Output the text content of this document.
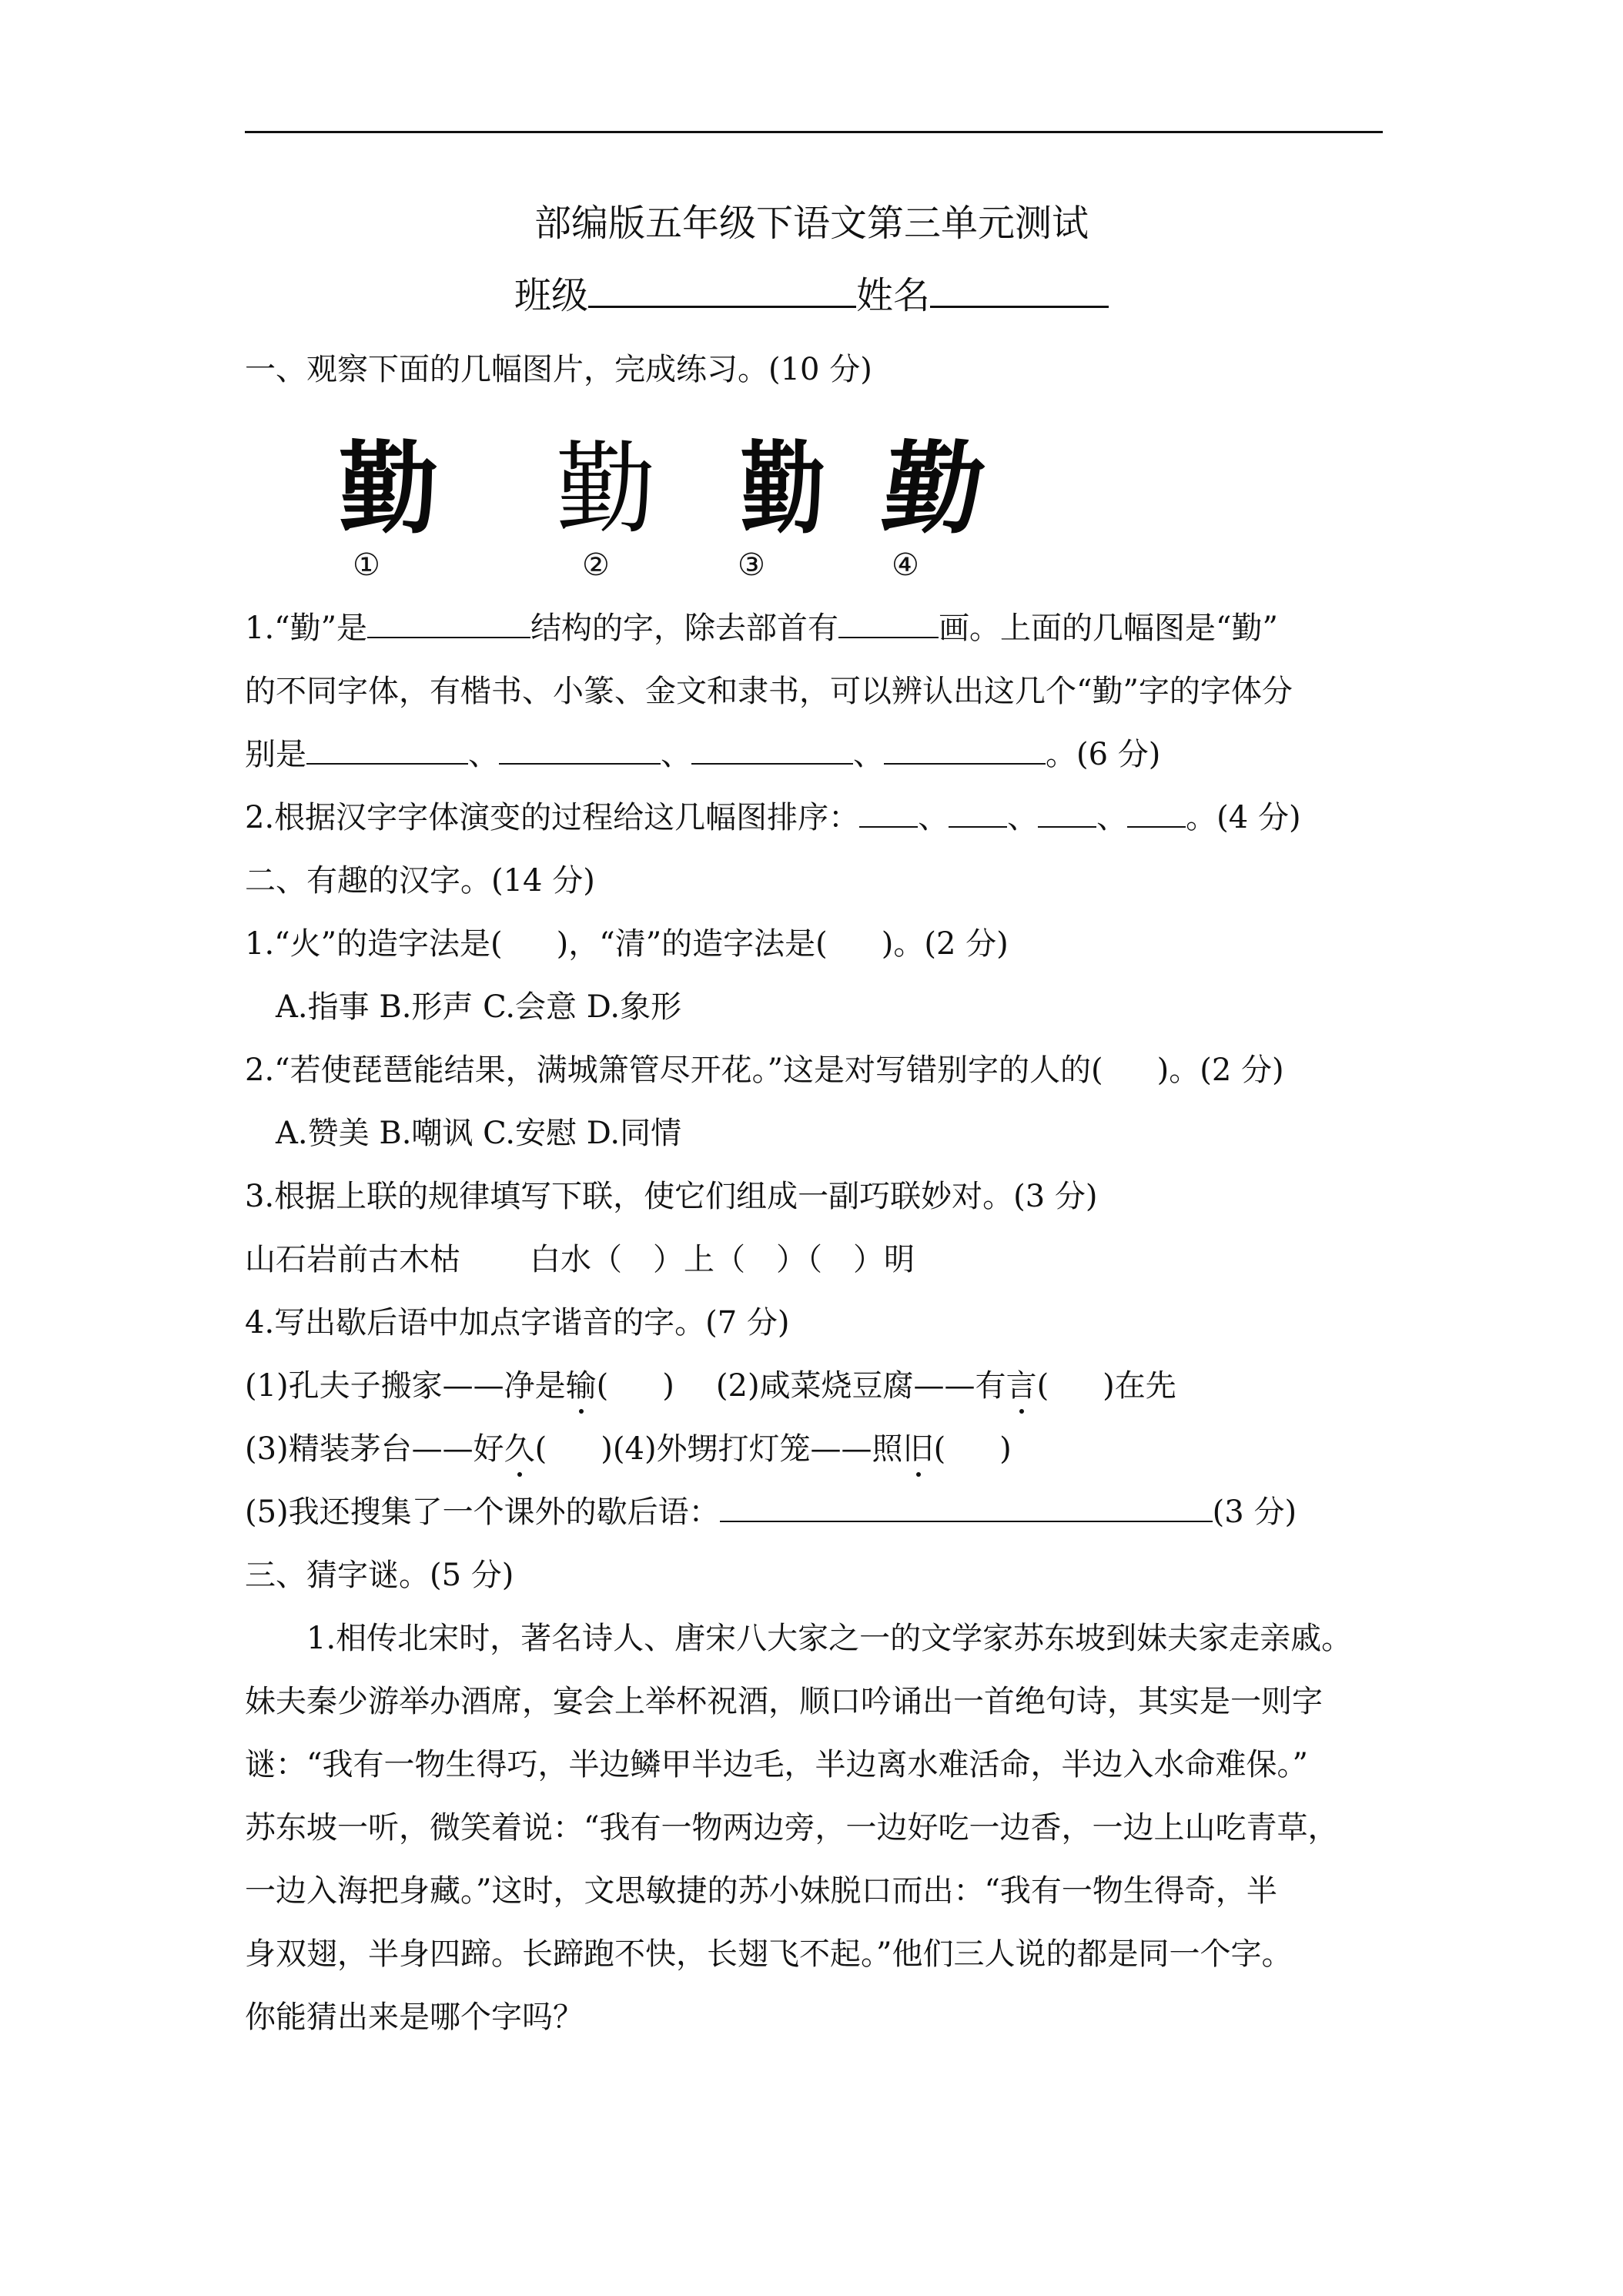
部编版五年级下语文第三单元测试
班级	姓名
一、观察下面的几幅图片，完成练习。(10 分)
勤 勤 勤 勤
①	②	③	④
1.“勤”是	结构的字，除去部首有	画。上面的几幅图是“勤”
的不同字体，有楷书、小篆、金文和隶书，可以辨认出这几个“勤”字的字体分
别是	、	、	、	。(6 分)
2.根据汉字字体演变的过程给这几幅图排序： 、 、 、 。(4 分)
二、有趣的汉字。(14 分)
1.“火”的造字法是( )，“清”的造字法是( )。(2 分)
A.指事 B.形声 C.会意 D.象形
2.“若使琵琶能结果，满城箫管尽开花。”这是对写错别字的人的( )。(2 分)
A.赞美 B.嘲讽 C.安慰 D.同情
3.根据上联的规律填写下联，使它们组成一副巧联妙对。(3 分)
山石岩前古木枯 白水（ ）上（ ）（ ）明
4.写出歇后语中加点字谐音的字。(7 分)
(1)孔夫子搬家——净是输( ) (2)咸菜烧豆腐——有言( )在先
(3)精装茅台——好久( )(4)外甥打灯笼——照旧( )
(5)我还搜集了一个课外的歇后语：	(3 分)
三、猜字谜。(5 分)
1.相传北宋时，著名诗人、唐宋八大家之一的文学家苏东坡到妹夫家走亲戚。
妹夫秦少游举办酒席，宴会上举杯祝酒，顺口吟诵出一首绝句诗，其实是一则字
谜：“我有一物生得巧，半边鳞甲半边毛，半边离水难活命，半边入水命难保。”
苏东坡一听，微笑着说：“我有一物两边旁，一边好吃一边香，一边上山吃青草，
一边入海把身藏。”这时，文思敏捷的苏小妹脱口而出：“我有一物生得奇，半
身双翅，半身四蹄。长蹄跑不快，长翅飞不起。”他们三人说的都是同一个字。
你能猜出来是哪个字吗？
